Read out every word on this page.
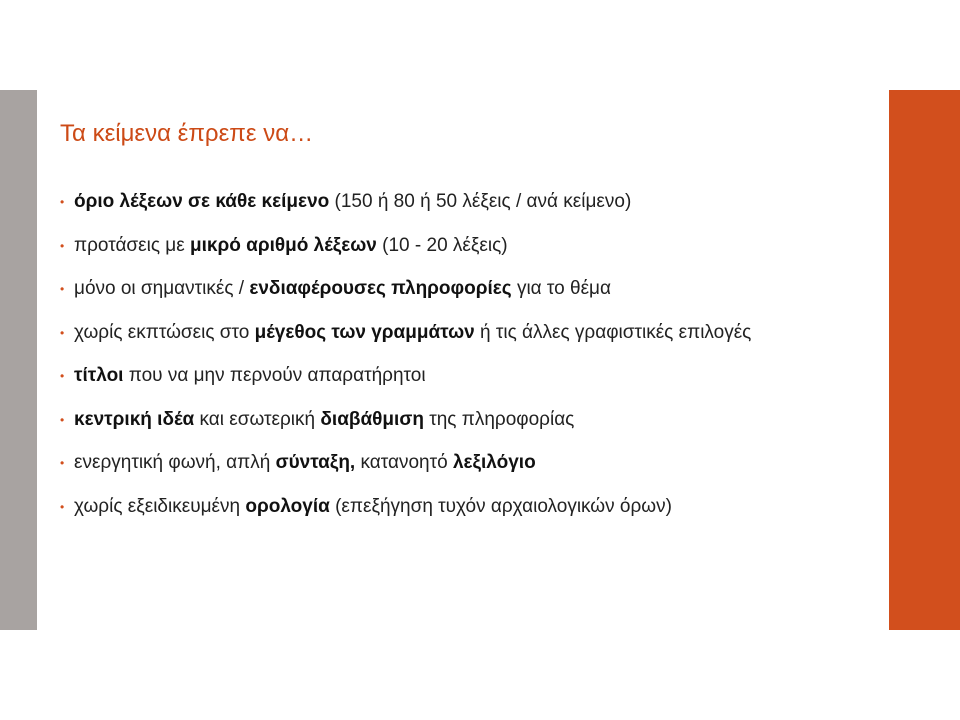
Τα κείμενα έπρεπε να…
• όριο λέξεων σε κάθε κείμενο (150 ή 80 ή 50 λέξεις / ανά κείμενο)
• προτάσεις με μικρό αριθμό λέξεων (10 - 20 λέξεις)
• μόνο οι σημαντικές / ενδιαφέρουσες πληροφορίες για το θέμα
• χωρίς εκπτώσεις στο μέγεθος των γραμμάτων ή τις άλλες γραφιστικές επιλογές
• τίτλοι που να μην περνούν απαρατήρητοι
• κεντρική ιδέα και εσωτερική διαβάθμιση της πληροφορίας
• ενεργητική φωνή, απλή σύνταξη, κατανοητό λεξιλόγιο
• χωρίς εξειδικευμένη ορολογία (επεξήγηση τυχόν αρχαιολογικών όρων)
